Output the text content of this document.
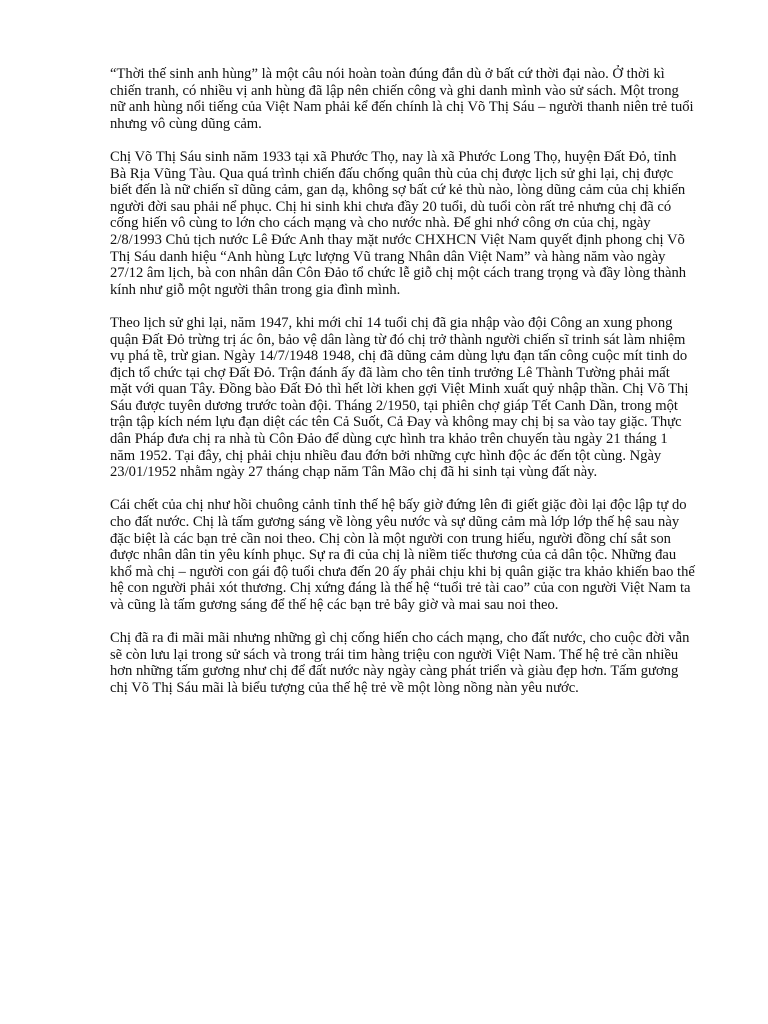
“Thời thế sinh anh hùng” là một câu nói hoàn toàn đúng đắn dù ở bất cứ thời đại nào. Ở thời kì chiến tranh, có nhiều vị anh hùng đã lập nên chiến công và ghi danh mình vào sử sách. Một trong nữ anh hùng nổi tiếng của Việt Nam phải kể đến chính là chị Võ Thị Sáu – người thanh niên trẻ tuổi nhưng vô cùng dũng cảm.

Chị Võ Thị Sáu sinh năm 1933 tại xã Phước Thọ, nay là xã Phước Long Thọ, huyện Đất Đỏ, tỉnh Bà Rịa Vũng Tàu. Qua quá trình chiến đấu chống quân thù của chị được lịch sử ghi lại, chị được biết đến là nữ chiến sĩ dũng cảm, gan dạ, không sợ bất cứ kẻ thù nào, lòng dũng cảm của chị khiến người đời sau phải nể phục. Chị hi sinh khi chưa đầy 20 tuổi, dù tuổi còn rất trẻ nhưng chị đã có cống hiến vô cùng to lớn cho cách mạng và cho nước nhà. Để ghi nhớ công ơn của chị, ngày 2/8/1993 Chủ tịch nước Lê Đức Anh thay mặt nước CHXHCN Việt Nam quyết định phong chị Võ Thị Sáu danh hiệu “Anh hùng Lực lượng Vũ trang Nhân dân Việt Nam” và hàng năm vào ngày 27/12 âm lịch, bà con nhân dân Côn Đảo tổ chức lễ giỗ chị một cách trang trọng và đầy lòng thành kính như giỗ một người thân trong gia đình mình.

Theo lịch sử ghi lại, năm 1947, khi mới chỉ 14 tuổi chị đã gia nhập vào đội Công an xung phong quận Đất Đỏ trừng trị ác ôn, bảo vệ dân làng từ đó chị trở thành người chiến sĩ trinh sát làm nhiệm vụ phá tề, trừ gian. Ngày 14/7/1948 1948, chị đã dũng cảm dùng lựu đạn tấn công cuộc mít tinh do địch tổ chức tại chợ Đất Đỏ. Trận đánh ấy đã làm cho tên tỉnh trưởng Lê Thành Tường phải mất mặt với quan Tây. Đồng bào Đất Đỏ thì hết lời khen gợi Việt Minh xuất quỷ nhập thần. Chị Võ Thị Sáu được tuyên dương trước toàn đội. Tháng 2/1950, tại phiên chợ giáp Tết Canh Dần, trong một trận tập kích ném lựu đạn diệt các tên Cả Suốt, Cả Đay và không may chị bị sa vào tay giặc. Thực dân Pháp đưa chị ra nhà tù Côn Đảo để dùng cực hình tra khảo trên chuyến tàu ngày 21 tháng 1 năm 1952. Tại đây, chị phải chịu nhiều đau đớn bởi những cực hình độc ác đến tột cùng. Ngày 23/01/1952 nhằm ngày 27 tháng chạp năm Tân Mão chị đã hi sinh tại vùng đất này.

Cái chết của chị như hồi chuông cảnh tỉnh thế hệ bấy giờ đứng lên đi giết giặc đòi lại độc lập tự do cho đất nước. Chị là tấm gương sáng về lòng yêu nước và sự dũng cảm mà lớp lớp thế hệ sau này đặc biệt là các bạn trẻ cần noi theo. Chị còn là một người con trung hiếu, người đồng chí sắt son được nhân dân tin yêu kính phục. Sự ra đi của chị là niềm tiếc thương của cả dân tộc. Những đau khổ mà chị – người con gái độ tuổi chưa đến 20 ấy phải chịu khi bị quân giặc tra khảo khiến bao thế hệ con người phải xót thương. Chị xứng đáng là thế hệ “tuổi trẻ tài cao” của con người Việt Nam ta và cũng là tấm gương sáng để thế hệ các bạn trẻ bây giờ và mai sau noi theo.

Chị đã ra đi mãi mãi nhưng những gì chị cống hiến cho cách mạng, cho đất nước, cho cuộc đời vẫn sẽ còn lưu lại trong sử sách và trong trái tim hàng triệu con người Việt Nam. Thế hệ trẻ cần nhiều hơn những tấm gương như chị để đất nước này ngày càng phát triển và giàu đẹp hơn. Tấm gương chị Võ Thị Sáu mãi là biểu tượng của thế hệ trẻ về một lòng nồng nàn yêu nước.
